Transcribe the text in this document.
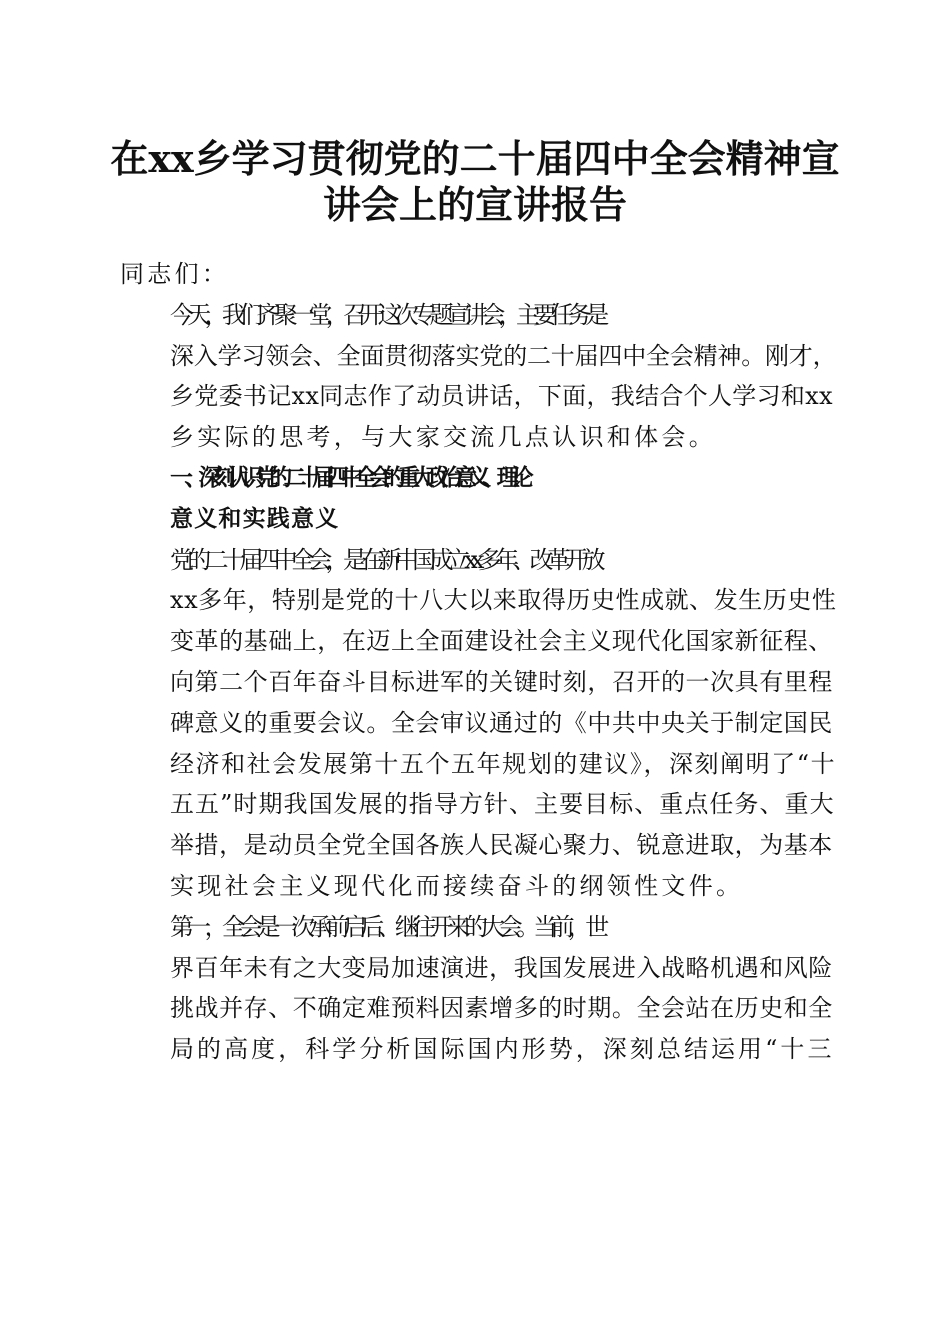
在xx乡学习贯彻党的二十届四中全会精神宣
讲会上的宣讲报告

同志们：

今天，我们齐聚一堂，召开这次专题宣讲会，主要任务是
深入学习领会、全面贯彻落实党的二十届四中全会精神。刚才，
乡党委书记xx同志作了动员讲话，下面，我结合个人学习和xx
乡实际的思考，与大家交流几点认识和体会。

一、深刻认识党的二十届四中全会的重大政治意义、理论
意义和实践意义

党的二十届四中全会，是在新中国成立xx多年、改革开放
xx多年，特别是党的十八大以来取得历史性成就、发生历史性
变革的基础上，在迈上全面建设社会主义现代化国家新征程、
向第二个百年奋斗目标进军的关键时刻，召开的一次具有里程
碑意义的重要会议。全会审议通过的《中共中央关于制定国民
经济和社会发展第十五个五年规划的建议》，深刻阐明了“十
五五”时期我国发展的指导方针、主要目标、重点任务、重大
举措，是动员全党全国各族人民凝心聚力、锐意进取，为基本
实现社会主义现代化而接续奋斗的纲领性文件。

第一，全会是一次承前启后、继往开来的大会。当前，世
界百年未有之大变局加速演进，我国发展进入战略机遇和风险
挑战并存、不确定难预料因素增多的时期。全会站在历史和全
局的高度，科学分析国际国内形势，深刻总结运用“十三
